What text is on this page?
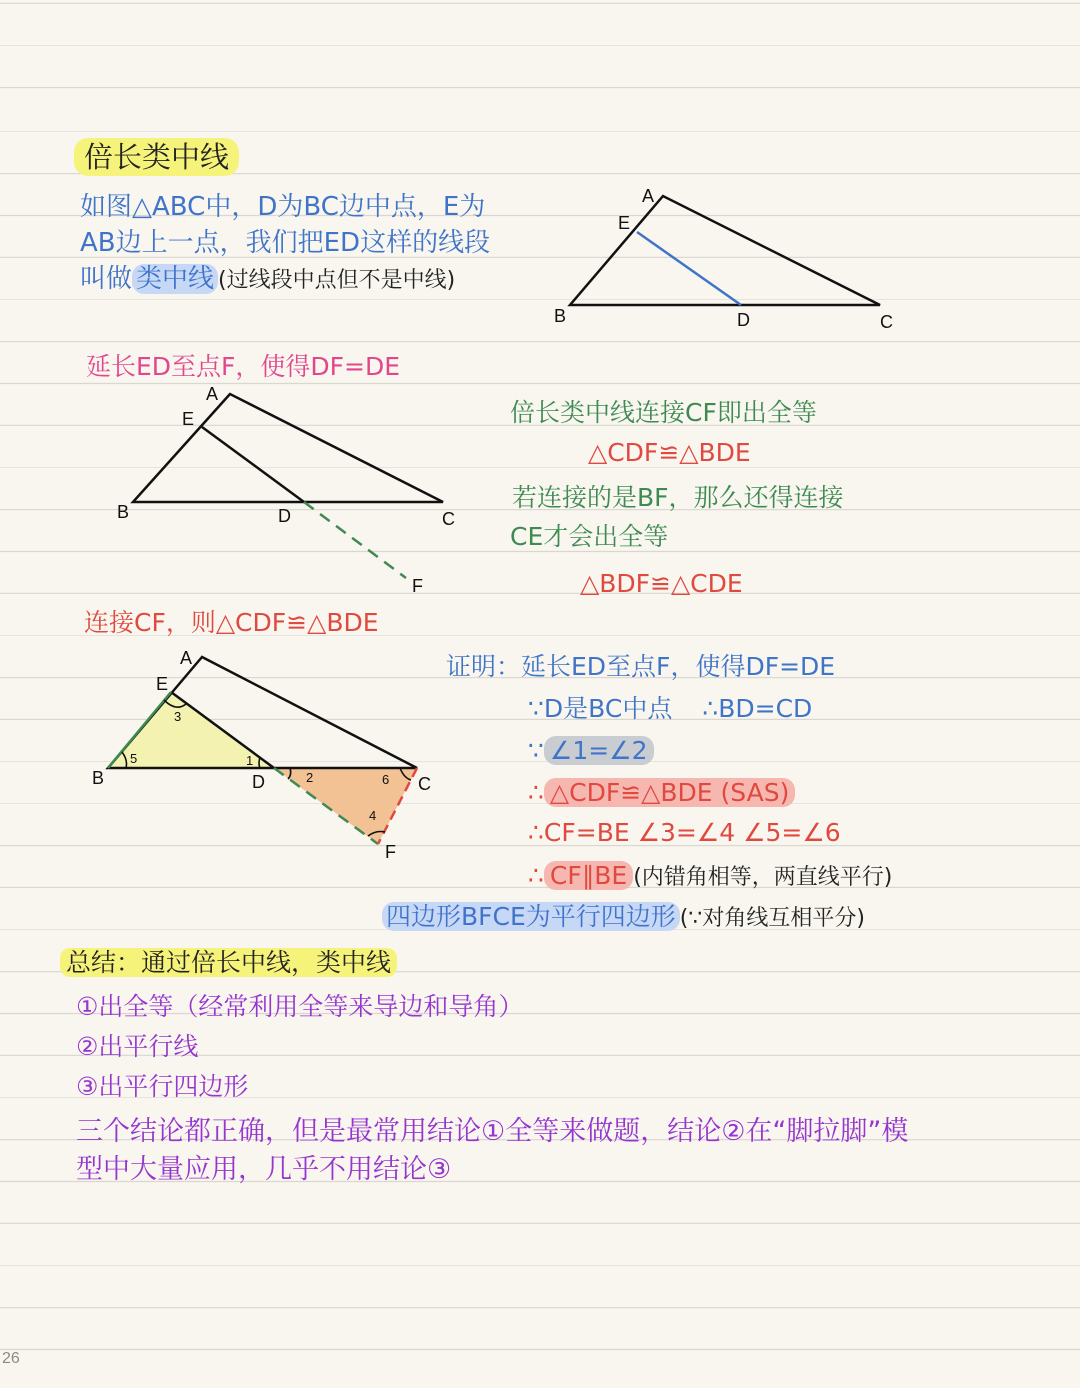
倍长类中线
如图△ABC中，D为BC边中点，E为
AB边上一点，我们把ED这样的线段
叫做 类中线 (过线段中点但不是中线)
延长ED至点F，使得DF=DE
倍长类中线连接CF即出全等
△CDF≌△BDE
若连接的是BF，那么还得连接
CE才会出全等
△BDF≌△CDE
连接CF，则△CDF≌△BDE
证明：延长ED至点F，使得DF=DE
∵D是BC中点 ∴BD=CD
∵ ∠1=∠2
∴ △CDF≌△BDE (SAS)
∴CF=BE ∠3=∠4 ∠5=∠6
∴ CF∥BE (内错角相等，两直线平行)
四边形BFCE为平行四边形 (∵对角线互相平分)
总结：通过倍长中线，类中线
①出全等（经常利用全等来导边和导角）
②出平行线
③出平行四边形
三个结论都正确，但是最常用结论①全等来做题，结论②在“脚拉脚”模
型中大量应用，几乎不用结论③
A
E
B	D	C
A
E
B	D	C
F
A
E
B	D	C
F
3
5	1
2	6
4
26
